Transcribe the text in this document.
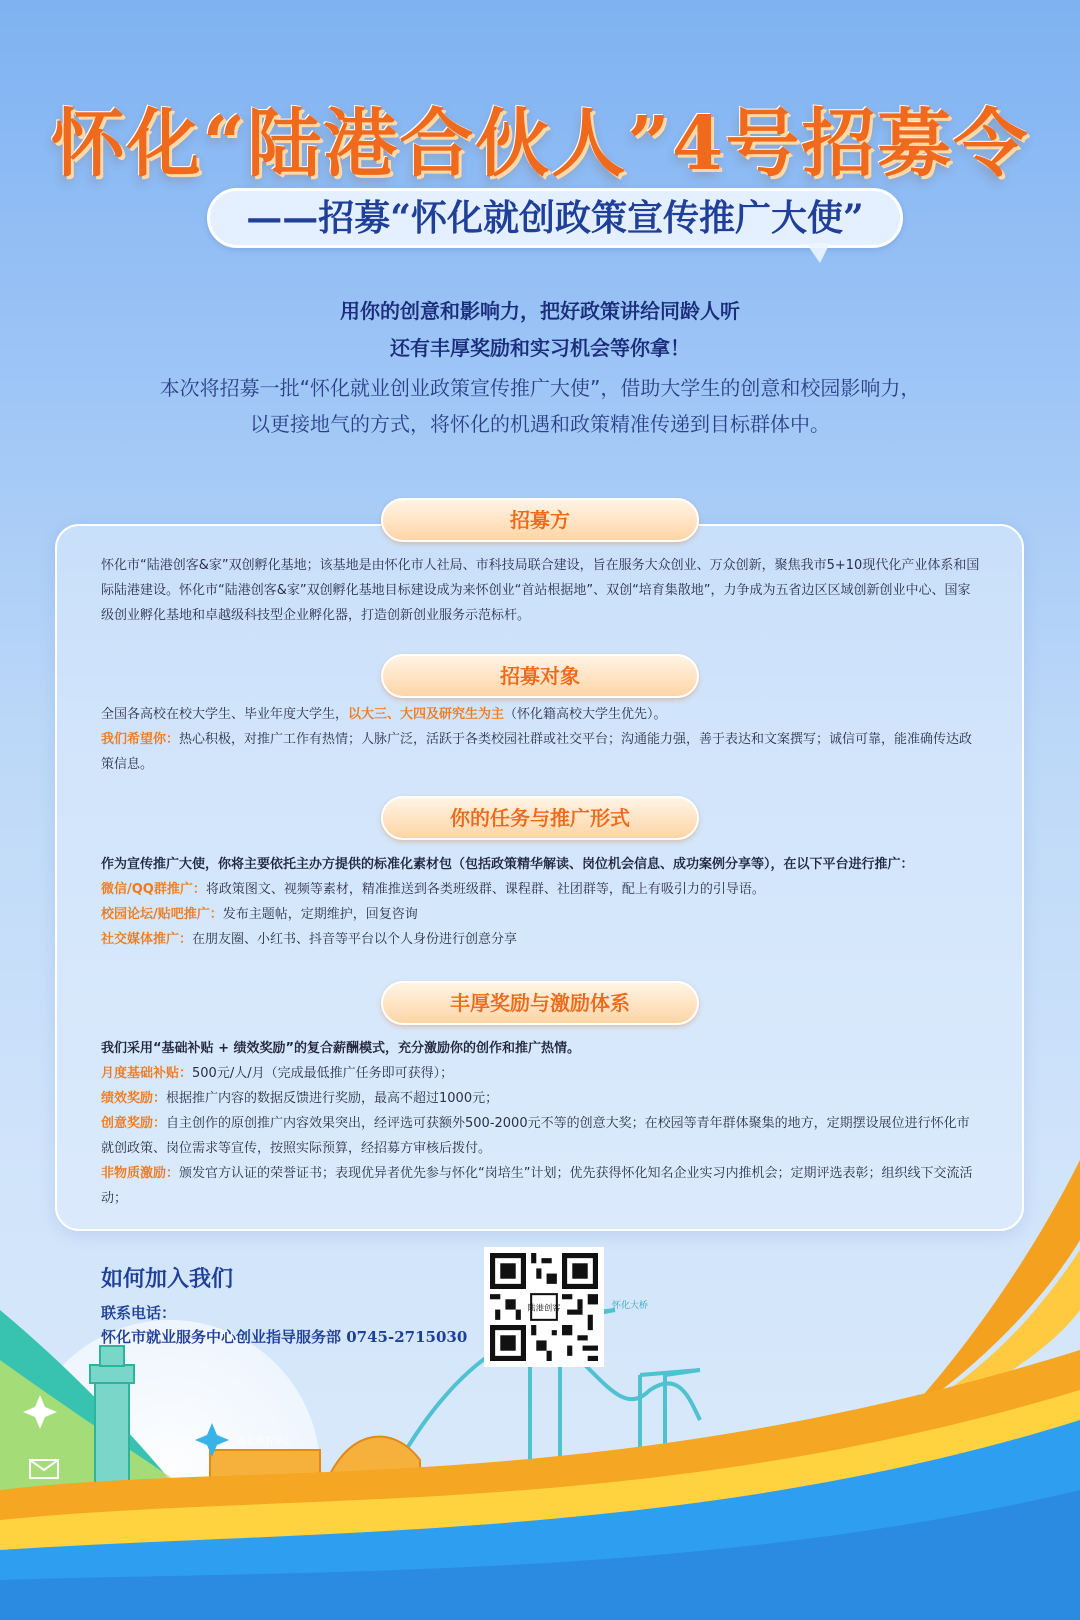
怀化“陆港合伙人”4号招募令
——招募“怀化就创政策宣传推广大使”
用你的创意和影响力，把好政策讲给同龄人听
还有丰厚奖励和实习机会等你拿！
本次将招募一批“怀化就业创业政策宣传推广大使”，借助大学生的创意和校园影响力，
以更接地气的方式，将怀化的机遇和政策精准传递到目标群体中。
招募方
怀化市“陆港创客&家”双创孵化基地；该基地是由怀化市人社局、市科技局联合建设，旨在服务大众创业、万众创新，聚焦我市5+10现代化产业体系和国际陆港建设。怀化市“陆港创客&家”双创孵化基地目标建设成为来怀创业“首站根据地”、双创“培育集散地”，力争成为五省边区区域创新创业中心、国家级创业孵化基地和卓越级科技型企业孵化器，打造创新创业服务示范标杆。
招募对象
全国各高校在校大学生、毕业年度大学生，以大三、大四及研究生为主（怀化籍高校大学生优先）。
我们希望你：热心积极，对推广工作有热情；人脉广泛，活跃于各类校园社群或社交平台；沟通能力强，善于表达和文案撰写；诚信可靠，能准确传达政策信息。
你的任务与推广形式
作为宣传推广大使，你将主要依托主办方提供的标准化素材包（包括政策精华解读、岗位机会信息、成功案例分享等），在以下平台进行推广：
微信/QQ群推广：将政策图文、视频等素材，精准推送到各类班级群、课程群、社团群等，配上有吸引力的引导语。
校园论坛/贴吧推广：发布主题帖，定期维护，回复咨询
社交媒体推广：在朋友圈、小红书、抖音等平台以个人身份进行创意分享
丰厚奖励与激励体系
我们采用“基础补贴 + 绩效奖励”的复合薪酬模式，充分激励你的创作和推广热情。
月度基础补贴：500元/人/月（完成最低推广任务即可获得）；
绩效奖励：根据推广内容的数据反馈进行奖励，最高不超过1000元；
创意奖励：自主创作的原创推广内容效果突出，经评选可获额外500-2000元不等的创意大奖；在校园等青年群体聚集的地方，定期摆设展位进行怀化市就创政策、岗位需求等宣传，按照实际预算，经招募方审核后拨付。
非物质激励：颁发官方认证的荣誉证书；表现优异者优先参与怀化“岗培生”计划；优先获得怀化知名企业实习内推机会；定期评选表彰；组织线下交流活动；
怀化体育中心
怀化大桥
如何加入我们
联系电话：
怀化市就业服务中心创业指导服务部 0745-2715030
陆港创客
